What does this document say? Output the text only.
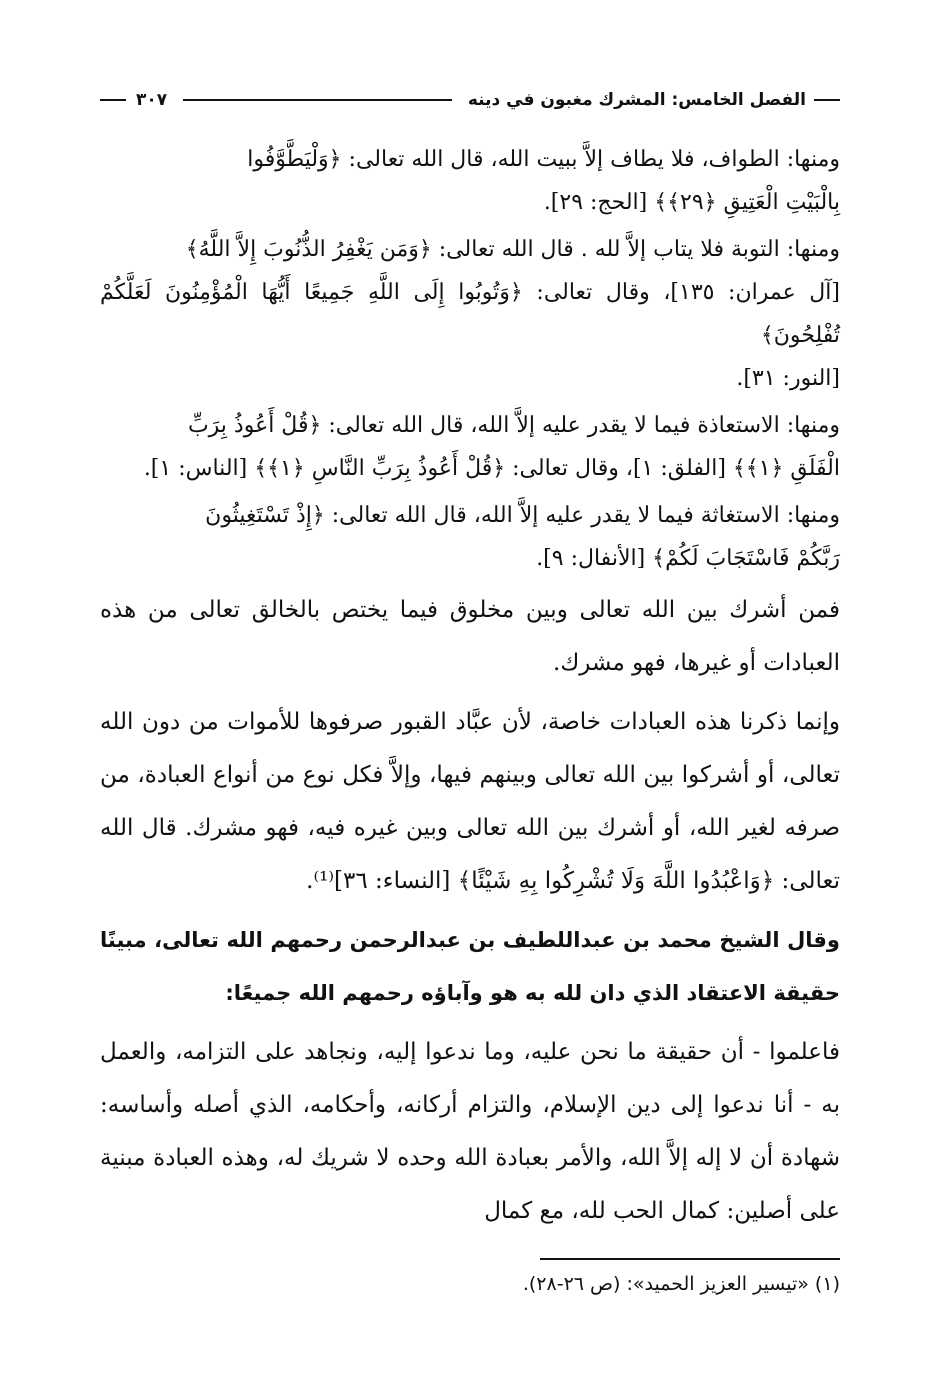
الفصل الخامس: المشرك مغبون في دينه
٣٠٧

ومنها: الطواف، فلا يطاف إلاَّ ببيت الله، قال الله تعالى: ﴿وَلْيَطَّوَّفُوا
بِالْبَيْتِ الْعَتِيقِ ﴿٢٩﴾﴾ [الحج: ٢٩].

ومنها: التوبة فلا يتاب إلاَّ لله . قال الله تعالى: ﴿وَمَن يَغْفِرُ الذُّنُوبَ إِلاَّ اللَّهُ﴾
[آل عمران: ١٣٥]، وقال تعالى: ﴿وَتُوبُوا إِلَى اللَّهِ جَمِيعًا أَيُّهَا الْمُؤْمِنُونَ لَعَلَّكُمْ تُفْلِحُونَ﴾
[النور: ٣١].

ومنها: الاستعاذة فيما لا يقدر عليه إلاَّ الله، قال الله تعالى: ﴿قُلْ أَعُوذُ بِرَبِّ
الْفَلَقِ ﴿١﴾﴾ [الفلق: ١]، وقال تعالى: ﴿قُلْ أَعُوذُ بِرَبِّ النَّاسِ ﴿١﴾﴾ [الناس: ١].

ومنها: الاستغاثة فيما لا يقدر عليه إلاَّ الله، قال الله تعالى: ﴿إِذْ تَسْتَغِيثُونَ
رَبَّكُمْ فَاسْتَجَابَ لَكُمْ﴾ [الأنفال: ٩].

فمن أشرك بين الله تعالى وبين مخلوق فيما يختص بالخالق تعالى من هذه العبادات أو غيرها، فهو مشرك.

وإنما ذكرنا هذه العبادات خاصة، لأن عبَّاد القبور صرفوها للأموات من دون الله تعالى، أو أشركوا بين الله تعالى وبينهم فيها، وإلاَّ فكل نوع من أنواع العبادة، من صرفه لغير الله، أو أشرك بين الله تعالى وبين غيره فيه، فهو مشرك. قال الله تعالى: ﴿وَاعْبُدُوا اللَّهَ وَلَا تُشْرِكُوا بِهِ شَيْئًا﴾ [النساء: ٣٦]⁽¹⁾.

وقال الشيخ محمد بن عبداللطيف بن عبدالرحمن رحمهم الله تعالى، مبينًا حقيقة الاعتقاد الذي دان لله به هو وآباؤه رحمهم الله جميعًا:

فاعلموا - أن حقيقة ما نحن عليه، وما ندعوا إليه، ونجاهد على التزامه، والعمل به - أنا ندعوا إلى دين الإسلام، والتزام أركانه، وأحكامه، الذي أصله وأساسه: شهادة أن لا إله إلاَّ الله، والأمر بعبادة الله وحده لا شريك له، وهذه العبادة مبنية على أصلين: كمال الحب لله، مع كمال

(١) «تيسير العزيز الحميد»: (ص ٢٦-٢٨).
